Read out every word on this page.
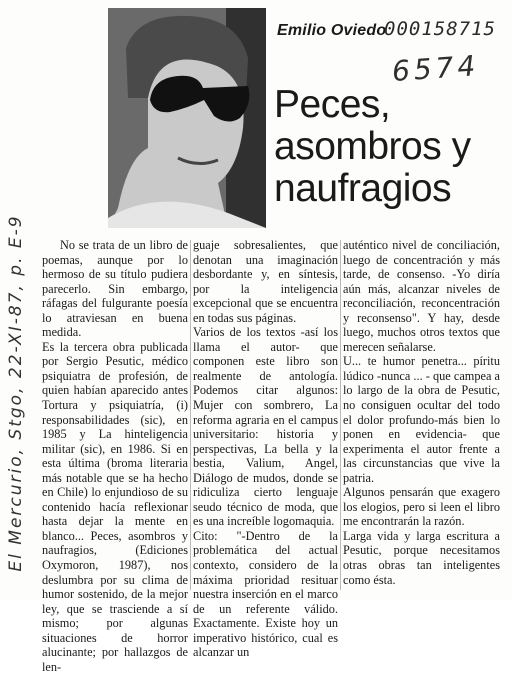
Emilio Oviedo
000158715
6574
Peces,
asombros y
naufragios
El Mercurio, Stgo, 22-XI-87, p. E-9	No se trata de un libro de poemas, aunque por lo hermoso de su título pudiera parecerlo. Sin embargo, ráfagas del fulgurante poesía lo atraviesan en buena medida.
Es la tercera obra publicada por Sergio Pesutic, médico psiquiatra de profesión, de quien habían aparecido antes Tortura y psiquiatría, (i) responsabilidades (sic), en 1985 y La hinteligencia militar (sic), en 1986. Si en esta última (broma literaria más notable que se ha hecho en Chile) lo enjundioso de su contenido hacía reflexionar hasta dejar la mente en blanco... Peces, asombros y naufragios, (Ediciones Oxymoron, 1987), nos deslumbra por su clima de humor sostenido, de la mejor ley, que se trasciende a sí mismo; por algunas situaciones de horror alucinante; por hallazgos de len-

guaje sobresalientes, que denotan una imaginación desbordante y, en síntesis, por la inteligencia excepcional que se encuentra en todas sus páginas.
Varios de los textos -así los llama el autor- que componen este libro son realmente de antología. Podemos citar algunos: Mujer con sombrero, La reforma agraria en el campus universitario: historia y perspectivas, La bella y la bestia, Valium, Angel, Diálogo de mudos, donde se ridiculiza cierto lenguaje seudo técnico de moda, que es una increíble logomaquia.
Cito: "-Dentro de la problemática del actual contexto, considero de la máxima prioridad resituar nuestra inserción en el marco de un referente válido. Exactamente. Existe hoy un imperativo histórico, cual es alcanzar un

auténtico nivel de conciliación, luego de concentración y más tarde, de consenso. -Yo diría aún más, alcanzar niveles de reconciliación, reconcentración y reconsenso". Y hay, desde luego, muchos otros textos que merecen señalarse.
U... te humor penetra... píritu lúdico -nunca ... - que campea a lo largo de la obra de Pesutic, no consiguen ocultar del todo el dolor profundo-más bien lo ponen en evidencia- que experimenta el autor frente a las circunstancias que vive la patria.
Algunos pensarán que exagero los elogios, pero si leen el libro me encontrarán la razón.
Larga vida y larga escritura a Pesutic, porque necesitamos otras obras tan inteligentes como ésta.
